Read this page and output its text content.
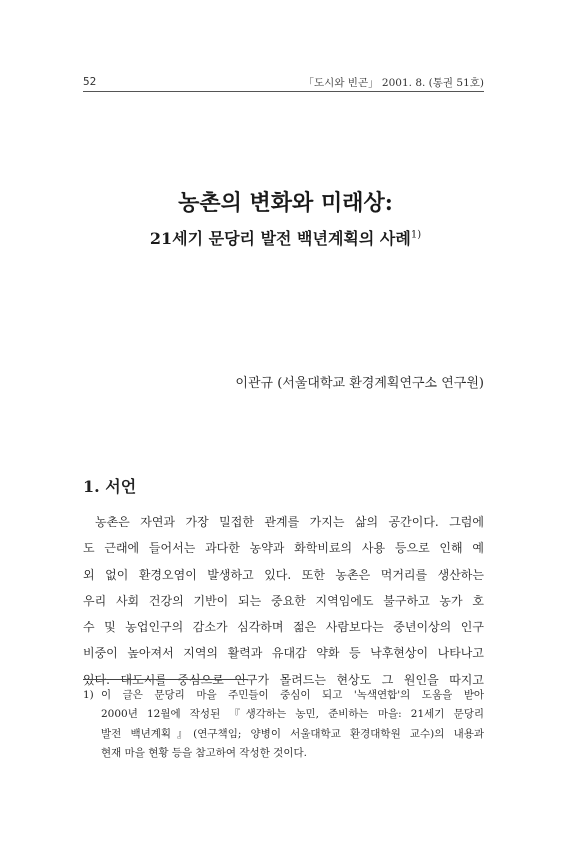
52	「도시와 빈곤」 2001. 8. (통권 51호)
농촌의 변화와 미래상:
21세기 문당리 발전 백년계획의 사례$^{1)}$
이관규 (서울대학교 환경계획연구소 연구원)
1. 서언
농촌은 자연과 가장 밀접한 관계를 가지는 삶의 공간이다. 그럼에
도 근래에 들어서는 과다한 농약과 화학비료의 사용 등으로 인해 예
외 없이 환경오염이 발생하고 있다. 또한 농촌은 먹거리를 생산하는
우리 사회 건강의 기반이 되는 중요한 지역임에도 불구하고 농가 호
수 및 농업인구의 감소가 심각하며 젊은 사람보다는 중년이상의 인구
비중이 높아져서 지역의 활력과 유대감 약화 등 낙후현상이 나타나고
있다. 대도시를 중심으로 인구가 몰려드는 현상도 그 원인을 따지고
1) 이 글은 문당리 마을 주민들이 중심이 되고 '녹색연합'의 도움을 받아
2000년 12월에 작성된 『생각하는 농민, 준비하는 마을: 21세기 문당리
발전 백년계획』(연구책임; 양병이 서울대학교 환경대학원 교수)의 내용과
현재 마을 현황 등을 참고하여 작성한 것이다.
